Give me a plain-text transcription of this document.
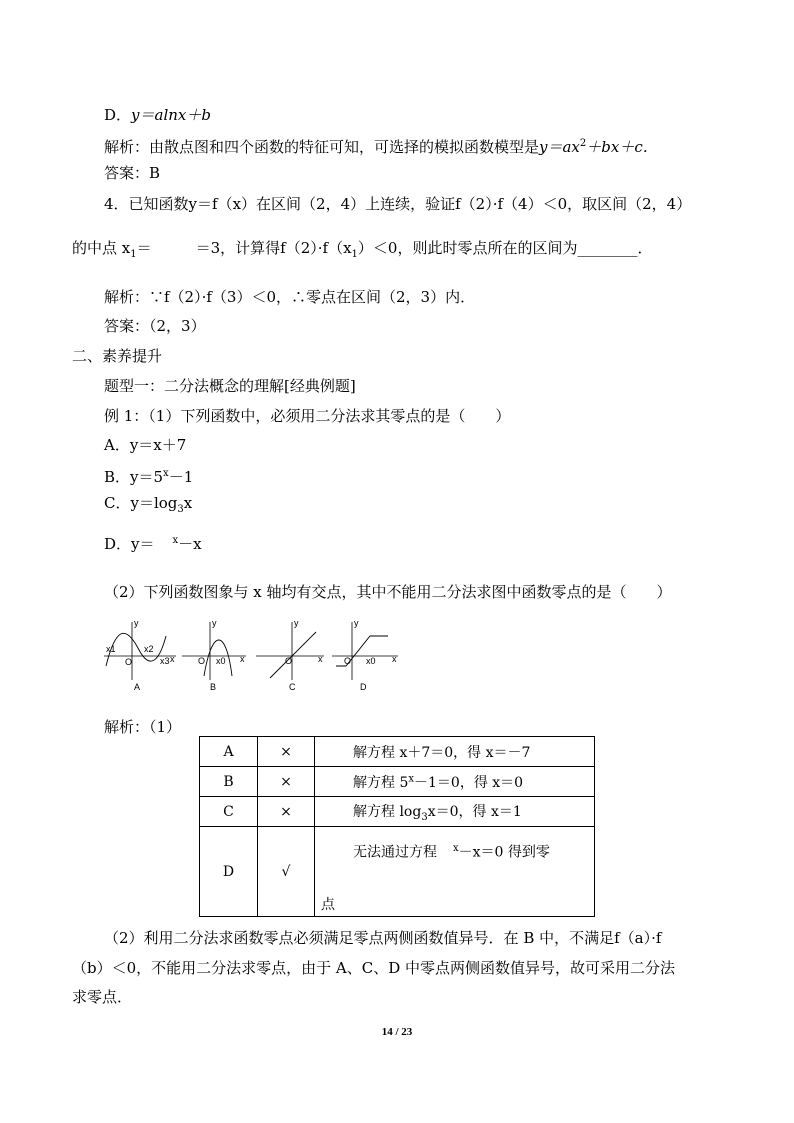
D．y＝alnx＋b
解析：由散点图和四个函数的特征可知，可选择的模拟函数模型是$y=ax^2+bx+c$．
答案：B
4．已知函数y＝f（x）在区间（2，4）上连续，验证f（2）·f（4）＜0，取区间（2，4）
的中点 $x_1=$	＝3，计算得$f(2)\cdot f(x_1)<0$，则此时零点所在的区间为________．
解析：∵f（2）·f（3）＜0，∴零点在区间（2，3）内．
答案：（2，3）
二、素养提升
题型一：二分法概念的理解[经典例题]
例 1：（1）下列函数中，必须用二分法求其零点的是（　　）
A．y＝x＋7
B．$y=5^x-1$
C．$y=\log_3x$
D．y＝ $^x$－x
（2）下列函数图象与 x 轴均有交点，其中不能用二分法求图中函数零点的是（　　）
y
x
O
x1	x2
x3
A
y
x
O x0
B
y
x
O
C
y
x
O x0
D
解析：（1）
A	×	解方程 x＋7＝0，得 x＝－7
B	×	解方程 $5^x-1=0$，得 x＝0
C	×	解方程 $\log_3x=0$，得 x＝1
D	√	无法通过方程 $^x$－x＝0 得到零
点
（2）利用二分法求函数零点必须满足零点两侧函数值异号．在 B 中，不满足f（a）·f
（b）＜0，不能用二分法求零点，由于 A、C、D 中零点两侧函数值异号，故可采用二分法
求零点．
14 / 23
